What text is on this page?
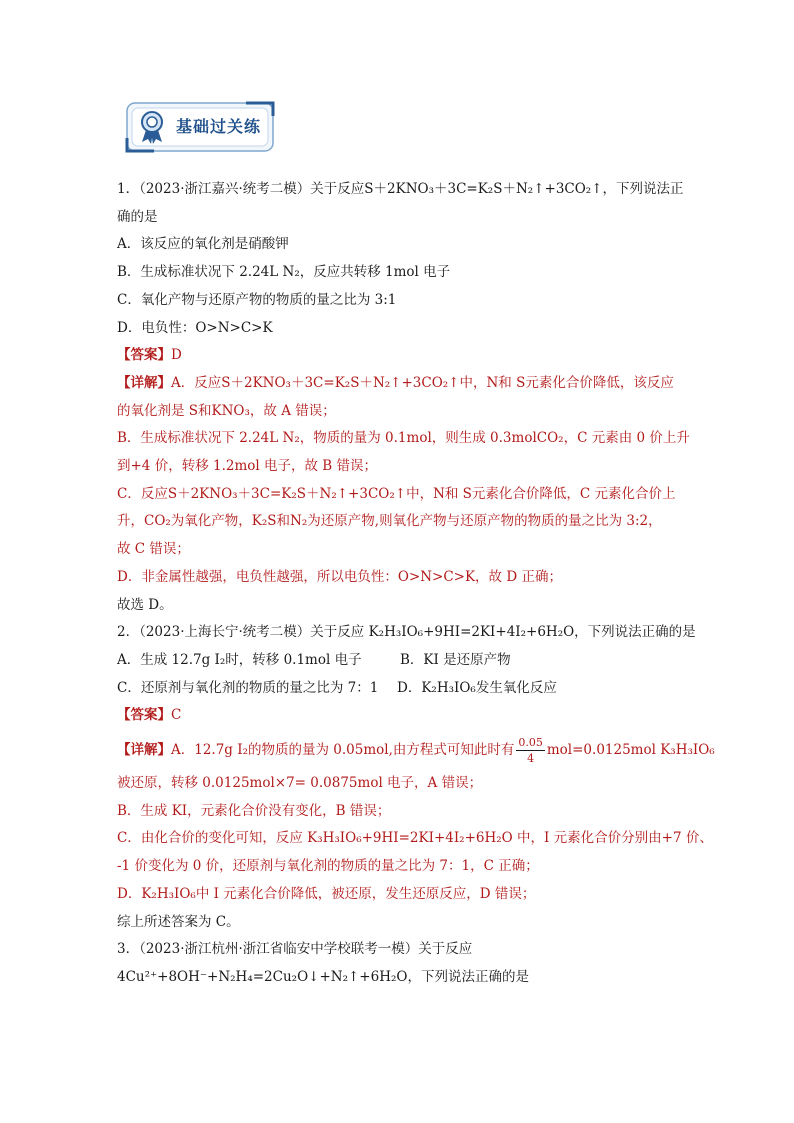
基础过关练
1．（2023·浙江嘉兴·统考二模）关于反应S＋2KNO₃＋3C=K₂S＋N₂↑+3CO₂↑，下列说法正
确的是
A．该反应的氧化剂是硝酸钾
B．生成标准状况下 2.24L N₂，反应共转移 1mol 电子
C．氧化产物与还原产物的物质的量之比为 3:1
D．电负性：O>N>C>K
【答案】D
【详解】A．反应S＋2KNO₃＋3C=K₂S＋N₂↑+3CO₂↑中，N和 S元素化合价降低，该反应
的氧化剂是 S和KNO₃，故 A 错误；
B．生成标准状况下 2.24L N₂，物质的量为 0.1mol，则生成 0.3molCO₂，C 元素由 0 价上升
到+4 价，转移 1.2mol 电子，故 B 错误；
C．反应S＋2KNO₃＋3C=K₂S＋N₂↑+3CO₂↑中，N和 S元素化合价降低，C 元素化合价上
升，CO₂为氧化产物，K₂S和N₂为还原产物,则氧化产物与还原产物的物质的量之比为 3:2，
故 C 错误；
D．非金属性越强，电负性越强，所以电负性：O>N>C>K，故 D 正确；
故选 D。
2．（2023·上海长宁·统考二模）关于反应 K₂H₃IO₆+9HI=2KI+4I₂+6H₂O，下列说法正确的是
A．生成 12.7g I₂时，转移 0.1mol 电子	B．KI 是还原产物
C．还原剂与氧化剂的物质的量之比为 7：1 D．K₂H₃IO₆发生氧化反应
【答案】C
【详解】A．12.7g I₂的物质的量为 0.05mol,由方程式可知此时有 $\frac{0.05}{4} mol=0.0125mol$ K₃H₃IO₆
被还原，转移 0.0125mol×7= 0.0875mol 电子，A 错误；
B．生成 KI，元素化合价没有变化，B 错误；
C．由化合价的变化可知，反应 K₃H₃IO₆+9HI=2KI+4I₂+6H₂O 中，I 元素化合价分别由+7 价、
-1 价变化为 0 价，还原剂与氧化剂的物质的量之比为 7：1，C 正确；
D．K₂H₃IO₆中 I 元素化合价降低，被还原，发生还原反应，D 错误；
综上所述答案为 C。
3．（2023·浙江杭州·浙江省临安中学校联考一模）关于反应
4Cu²⁺+8OH⁻+N₂H₄=2Cu₂O↓+N₂↑+6H₂O，下列说法正确的是
